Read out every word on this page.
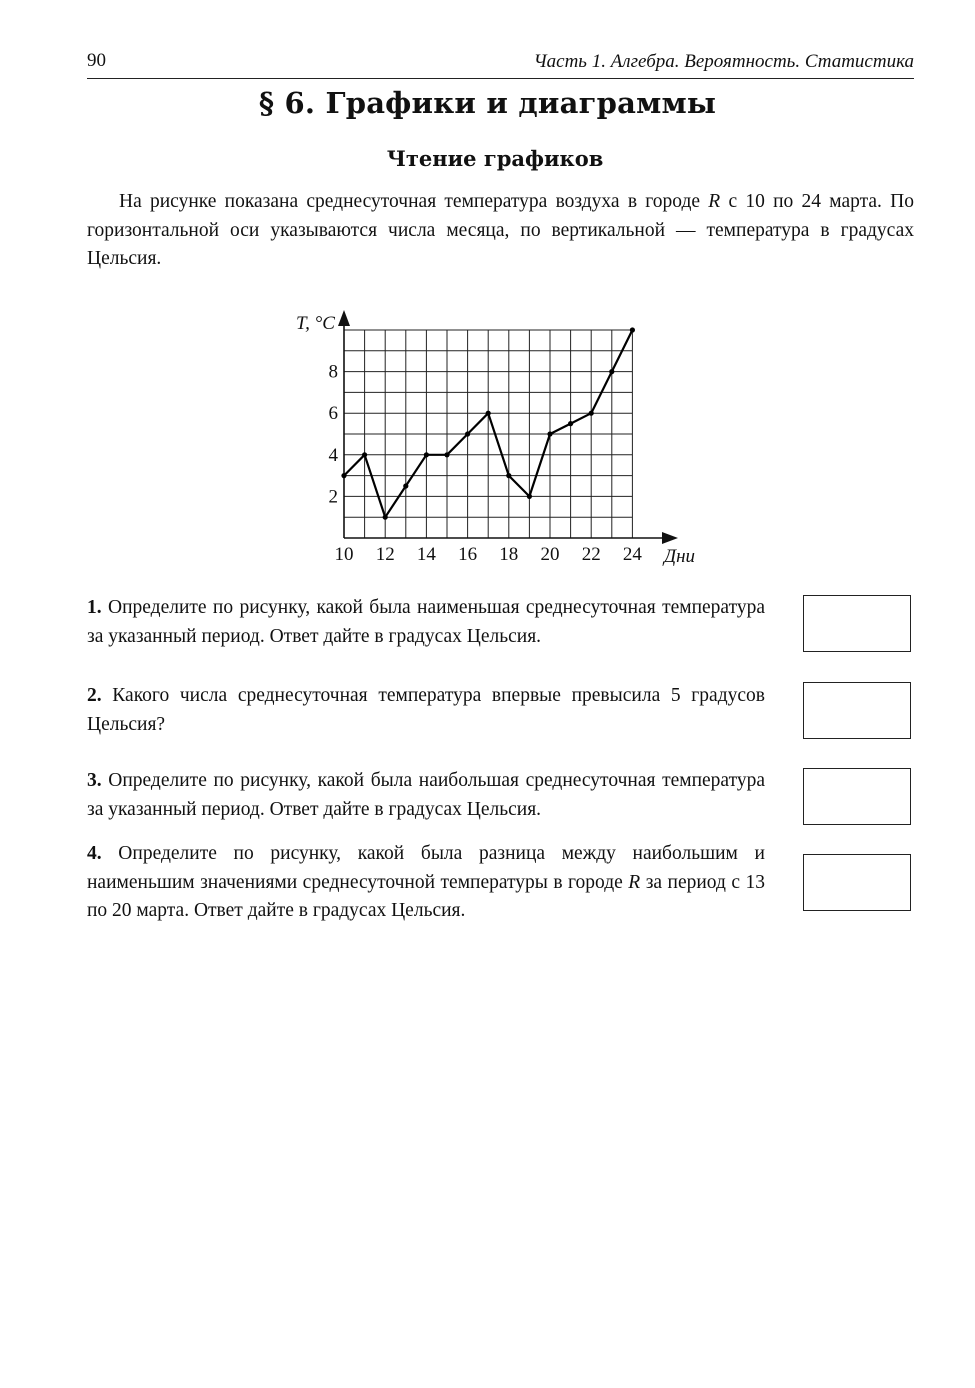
90	Часть 1. Алгебра. Вероятность. Статистика
§ 6. Графики и диаграммы
Чтение графиков

На рисунке показана среднесуточная температура воздуха в городе R с 10 по 24 марта. По горизонтальной оси указываются числа месяца, по вертикальной — температура в градусах Цельсия.

10 12 14 16 18 20 22 24
2
4
6
8
Дни
T, °C

1. Определите по рисунку, какой была наименьшая среднесуточная температура за указанный период. Ответ дайте в градусах Цельсия.

2. Какого числа среднесуточная температура впервые превысила 5 градусов Цельсия?

3. Определите по рисунку, какой была наибольшая среднесуточная температура за указанный период. Ответ дайте в градусах Цельсия.

4. Определите по рисунку, какой была разница между наибольшим и наименьшим значениями среднесуточной температуры в городе R за период с 13 по 20 марта. Ответ дайте в градусах Цельсия.
